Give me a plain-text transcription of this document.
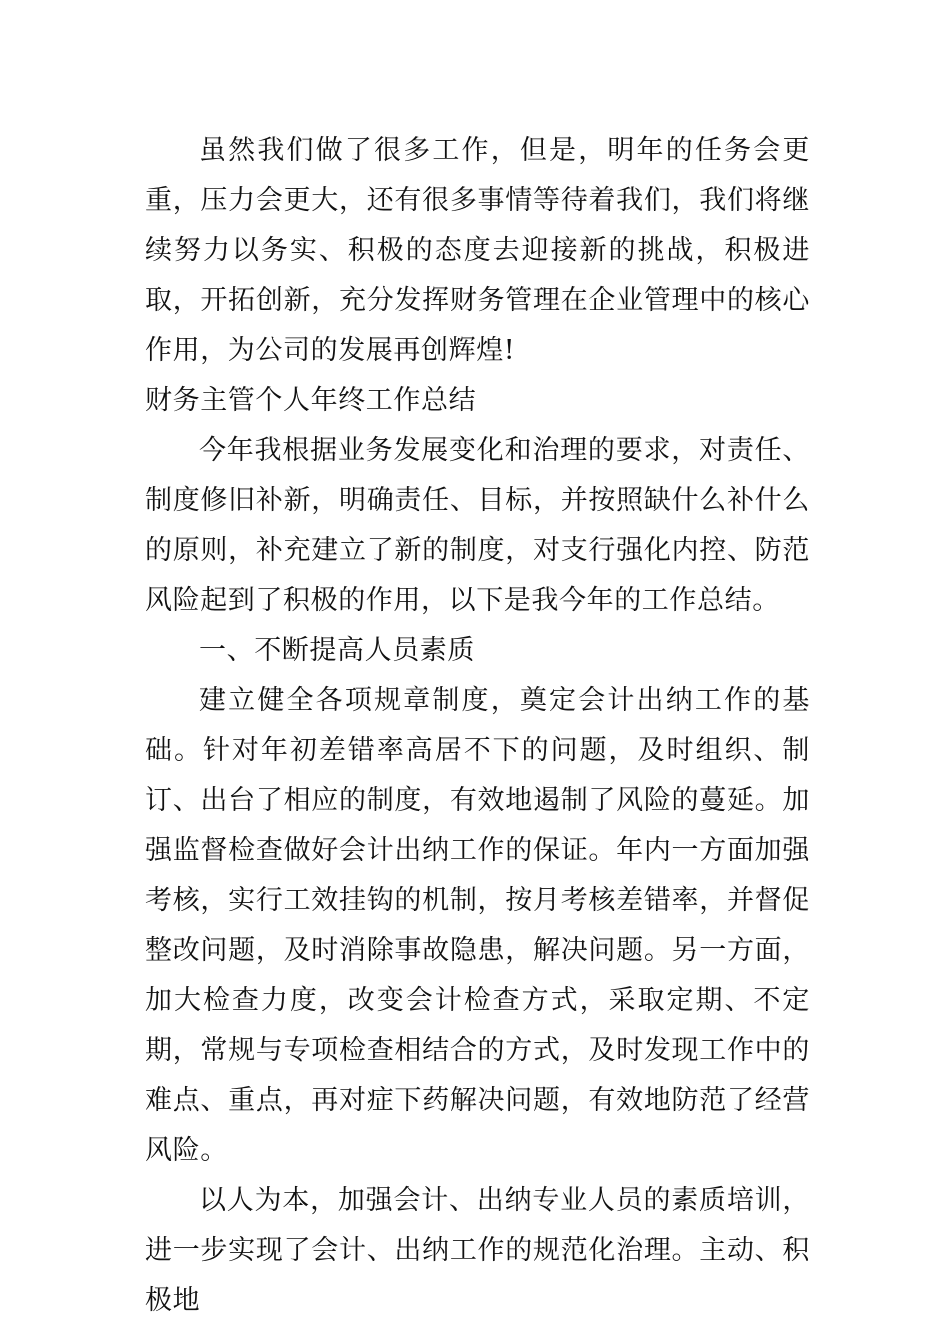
虽然我们做了很多工作，但是，明年的任务会更重，压力会更大，还有很多事情等待着我们，我们将继续努力以务实、积极的态度去迎接新的挑战，积极进取，开拓创新，充分发挥财务管理在企业管理中的核心作用，为公司的发展再创辉煌!

财务主管个人年终工作总结

今年我根据业务发展变化和治理的要求，对责任、制度修旧补新，明确责任、目标，并按照缺什么补什么的原则，补充建立了新的制度，对支行强化内控、防范风险起到了积极的作用，以下是我今年的工作总结。

一、不断提高人员素质

建立健全各项规章制度，奠定会计出纳工作的基础。针对年初差错率高居不下的问题，及时组织、制订、出台了相应的制度，有效地遏制了风险的蔓延。加强监督检查做好会计出纳工作的保证。年内一方面加强考核，实行工效挂钩的机制，按月考核差错率，并督促整改问题，及时消除事故隐患，解决问题。另一方面，加大检查力度，改变会计检查方式，采取定期、不定期，常规与专项检查相结合的方式，及时发现工作中的难点、重点，再对症下药解决问题，有效地防范了经营风险。

以人为本，加强会计、出纳专业人员的素质培训，进一步实现了会计、出纳工作的规范化治理。主动、积极地
